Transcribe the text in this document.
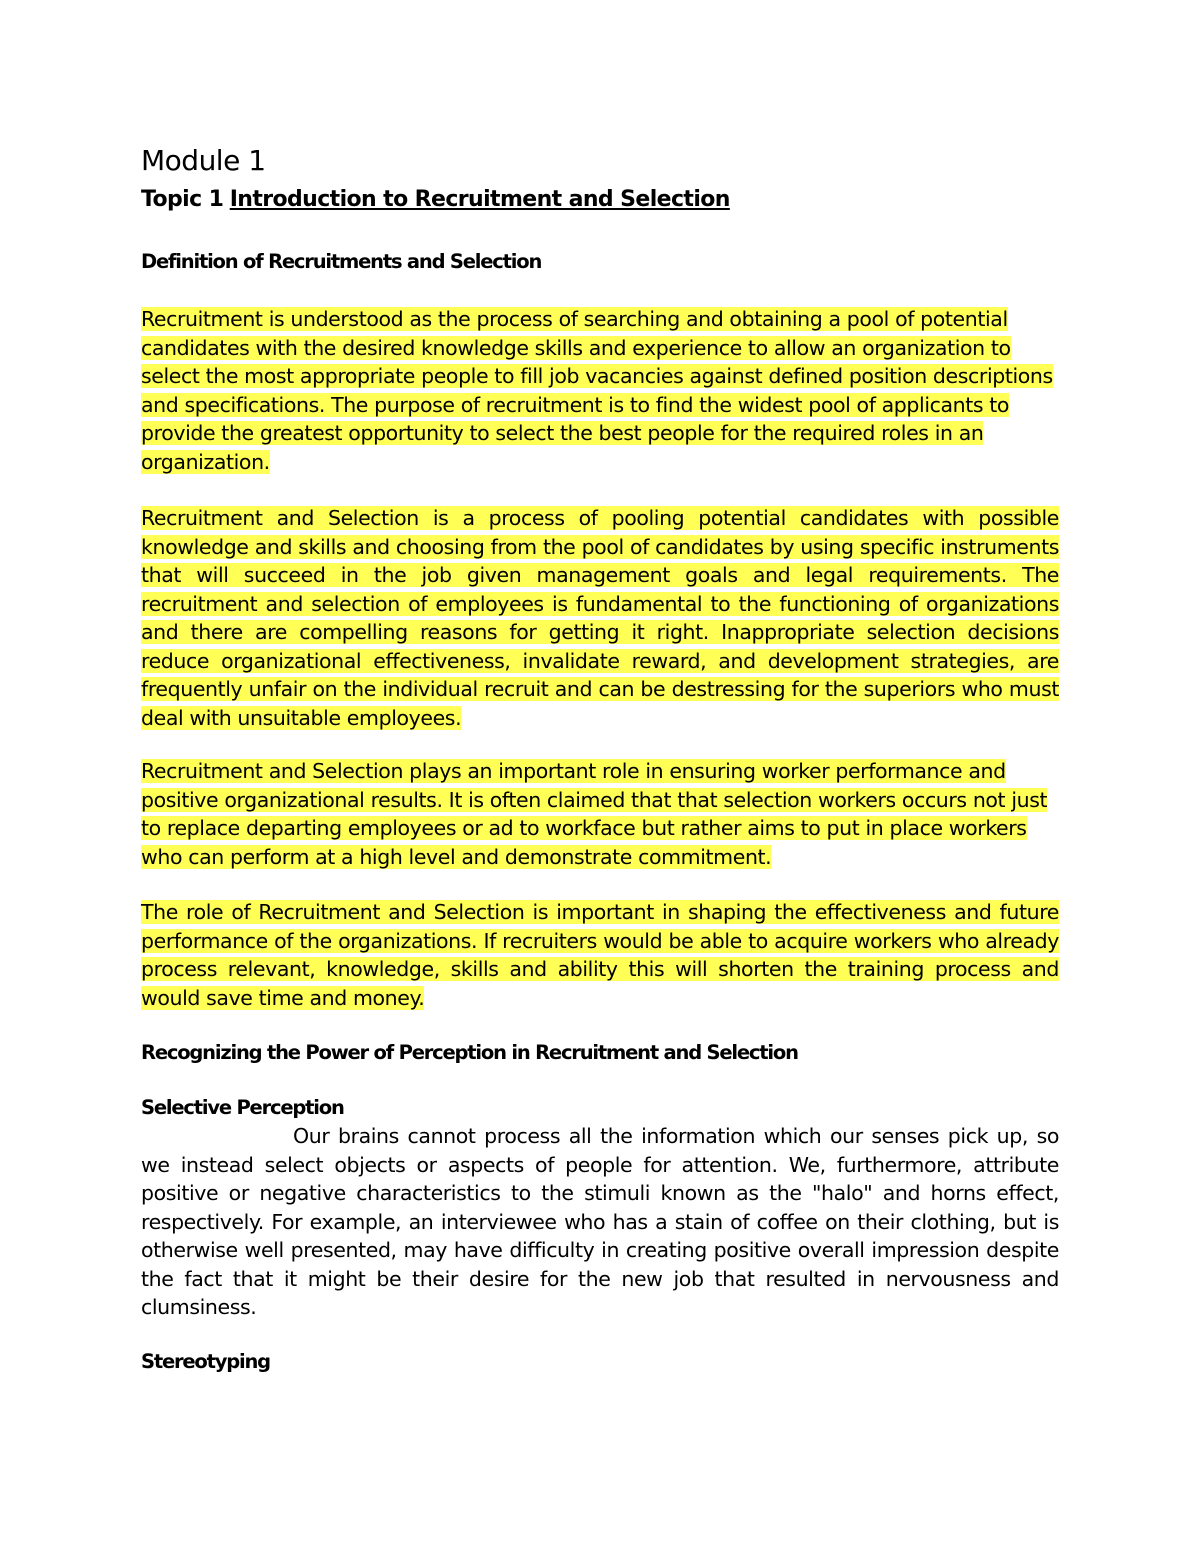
Module 1
Topic 1 Introduction to Recruitment and Selection
Definition of Recruitments and Selection

Recruitment is understood as the process of searching and obtaining a pool of potential candidates with the desired knowledge skills and experience to allow an organization to select the most appropriate people to fill job vacancies against defined position descriptions and specifications. The purpose of recruitment is to find the widest pool of applicants to provide the greatest opportunity to select the best people for the required roles in an organization.

Recruitment and Selection is a process of pooling potential candidates with possible knowledge and skills and choosing from the pool of candidates by using specific instruments that will succeed in the job given management goals and legal requirements. The recruitment and selection of employees is fundamental to the functioning of organizations and there are compelling reasons for getting it right. Inappropriate selection decisions reduce organizational effectiveness, invalidate reward, and development strategies, are frequently unfair on the individual recruit and can be destressing for the superiors who must deal with unsuitable employees.

Recruitment and Selection plays an important role in ensuring worker performance and positive organizational results. It is often claimed that that selection workers occurs not just to replace departing employees or ad to workface but rather aims to put in place workers who can perform at a high level and demonstrate commitment.

The role of Recruitment and Selection is important in shaping the effectiveness and future performance of the organizations. If recruiters would be able to acquire workers who already process relevant, knowledge, skills and ability this will shorten the training process and would save time and money.

Recognizing the Power of Perception in Recruitment and Selection
Selective Perception

Our brains cannot process all the information which our senses pick up, so we instead select objects or aspects of people for attention. We, furthermore, attribute positive or negative characteristics to the stimuli known as the "halo" and horns effect, respectively. For example, an interviewee who has a stain of coffee on their clothing, but is otherwise well presented, may have difficulty in creating positive overall impression despite the fact that it might be their desire for the new job that resulted in nervousness and clumsiness.

Stereotyping
